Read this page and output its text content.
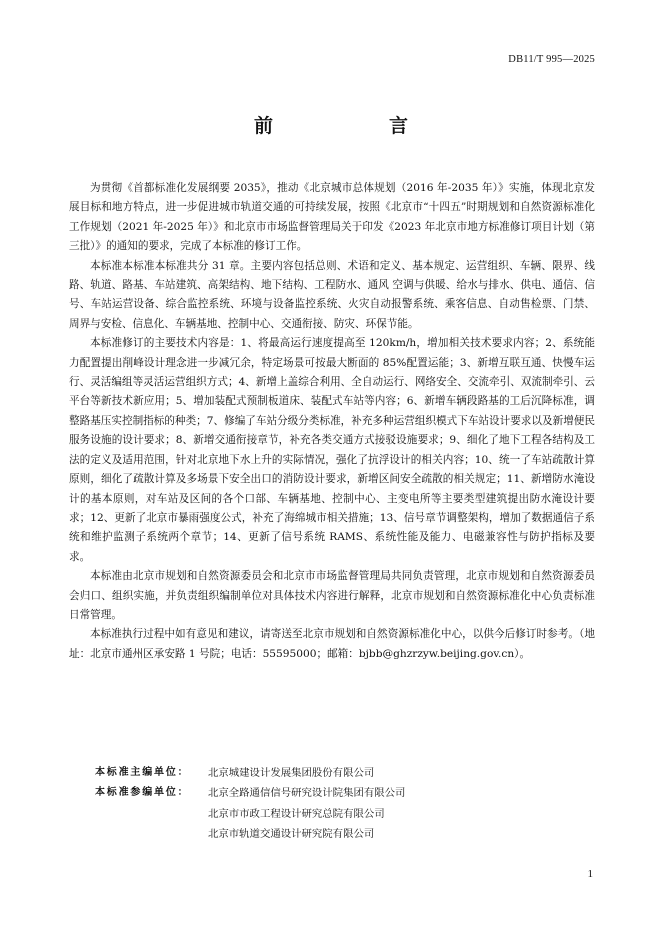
DB11/T 995—2025
前　　言

为贯彻《首都标准化发展纲要 2035》，推动《北京城市总体规划（2016 年-2035 年）》实施，体现北京发展目标和地方特点，进一步促进城市轨道交通的可持续发展，按照《北京市“十四五”时期规划和自然资源标准化工作规划（2021 年-2025 年）》和北京市市场监督管理局关于印发《2023 年北京市地方标准修订项目计划（第三批）》的通知的要求，完成了本标准的修订工作。

本标准本标准本标准共分 31 章。主要内容包括总则、术语和定义、基本规定、运营组织、车辆、限界、线路、轨道、路基、车站建筑、高架结构、地下结构、工程防水、通风 空调与供暖、给水与排水、供电、通信、信号、车站运营设备、综合监控系统、环境与设备监控系统、火灾自动报警系统、乘客信息、自动售检票、门禁、周界与安检、信息化、车辆基地、控制中心、交通衔接、防灾、环保节能。

本标准修订的主要技术内容是：1、将最高运行速度提高至 120km/h，增加相关技术要求内容；2、系统能力配置提出削峰设计理念进一步减冗余，特定场景可按最大断面的 85%配置运能；3、新增互联互通、快慢车运行、灵活编组等灵活运营组织方式；4、新增上盖综合利用、全自动运行、网络安全、交流牵引、双流制牵引、云平台等新技术新应用；5、增加装配式预制板道床、装配式车站等内容；6、新增车辆段路基的工后沉降标准，调整路基压实控制指标的种类；7、修编了车站分级分类标准，补充多种运营组织模式下车站设计要求以及新增便民服务设施的设计要求；8、新增交通衔接章节，补充各类交通方式接驳设施要求；9、细化了地下工程各结构及工法的定义及适用范围，针对北京地下水上升的实际情况，强化了抗浮设计的相关内容；10、统一了车站疏散计算原则，细化了疏散计算及多场景下安全出口的消防设计要求，新增区间安全疏散的相关规定；11、新增防水淹设计的基本原则，对车站及区间的各个口部、车辆基地、控制中心、主变电所等主要类型建筑提出防水淹设计要求；12、更新了北京市暴雨强度公式，补充了海绵城市相关措施；13、信号章节调整架构，增加了数据通信子系统和维护监测子系统两个章节；14、更新了信号系统 RAMS、系统性能及能力、电磁兼容性与防护指标及要求。

本标准由北京市规划和自然资源委员会和北京市市场监督管理局共同负责管理，北京市规划和自然资源委员会归口、组织实施，并负责组织编制单位对具体技术内容进行解释，北京市规划和自然资源标准化中心负责标准日常管理。

本标准执行过程中如有意见和建议，请寄送至北京市规划和自然资源标准化中心，以供今后修订时参考。（地址：北京市通州区承安路 1 号院；电话：55595000；邮箱：bjbb@ghzrzyw.beijing.gov.cn）。

本标准主编单位：	北京城建设计发展集团股份有限公司
本标准参编单位：	北京全路通信信号研究设计院集团有限公司
北京市市政工程设计研究总院有限公司
北京市轨道交通设计研究院有限公司
1
